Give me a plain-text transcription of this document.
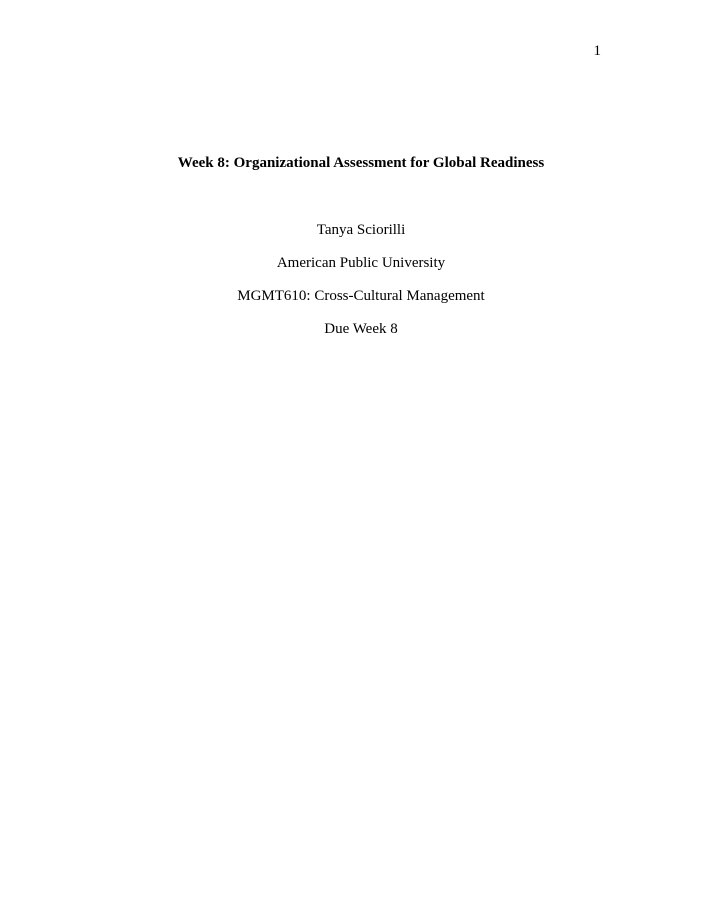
1
Week 8: Organizational Assessment for Global Readiness
Tanya Sciorilli
American Public University
MGMT610: Cross-Cultural Management
Due Week 8
